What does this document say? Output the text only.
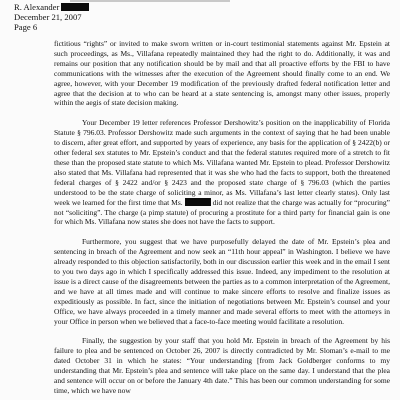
R. Alexander
December 21, 2007
Page 6

fictitious “rights” or invited to make sworn written or in-court testimonial statements against Mr. Epstein at such proceedings, as Ms., Villafana repeatedly maintained they had the right to do. Additionally, it was and remains our position that any notification should be by mail and that all proactive efforts by the FBI to have communications with the witnesses after the execution of the Agreement should finally come to an end. We agree, however, with your December 19 modification of the previously drafted federal notification letter and agree that the decision at to who can be heard at a state sentencing is, amongst many other issues, properly within the aegis of state decision making.

Your December 19 letter references Professor Dershowitz’s position on the inapplicability of Florida Statute § 796.03. Professor Dershowitz made such arguments in the context of saying that he had been unable to discern, after great effort, and supported by years of experience, any basis for the application of § 2422(b) or other federal sex statutes to Mr. Epstein’s conduct and that the federal statutes required more of a stretch to fit these than the proposed state statute to which Ms. Villafana wanted Mr. Epstein to plead. Professor Dershowitz also stated that Ms. Villafana had represented that it was she who had the facts to support, both the threatened federal charges of § 2422 and/or § 2423 and the proposed state charge of § 796.03 (which the parties understood to be the state charge of soliciting a minor, as Ms. Villafana’s last letter clearly states). Only last week we learned for the first time that Ms.	did not realize that the charge was actually for “procuring” not “soliciting”. The charge (a pimp statute) of procuring a prostitute for a third party for financial gain is one for which Ms. Villafana now states she does not have the facts to support.

Furthermore, you suggest that we have purposefully delayed the date of Mr. Epstein’s plea and sentencing in breach of the Agreement and now seek an “11th hour appeal” in Washington. I believe we have already responded to this objection satisfactorily, both in our discussion earlier this week and in the email I sent to you two days ago in which I specifically addressed this issue. Indeed, any impediment to the resolution at issue is a direct cause of the disagreements between the parties as to a common interpretation of the Agreement, and we have at all times made and will continue to make sincere efforts to resolve and finalize issues as expeditiously as possible. In fact, since the initiation of negotiations between Mr. Epstein’s counsel and your Office, we have always proceeded in a timely manner and made several efforts to meet with the attorneys in your Office in person when we believed that a face-to-face meeting would facilitate a resolution.

Finally, the suggestion by your staff that you hold Mr. Epstein in breach of the Agreement by his failure to plea and be sentenced on October 26, 2007 is directly contradicted by Mr. Sloman’s e-mail to me dated October 31 in which he states: “Your understanding [from Jack Goldberger conforms to my understanding that Mr. Epstein’s plea and sentence will take place on the same day. I understand that the plea and sentence will occur on or before the January 4th date.” This has been our common understanding for some time, which we have now
